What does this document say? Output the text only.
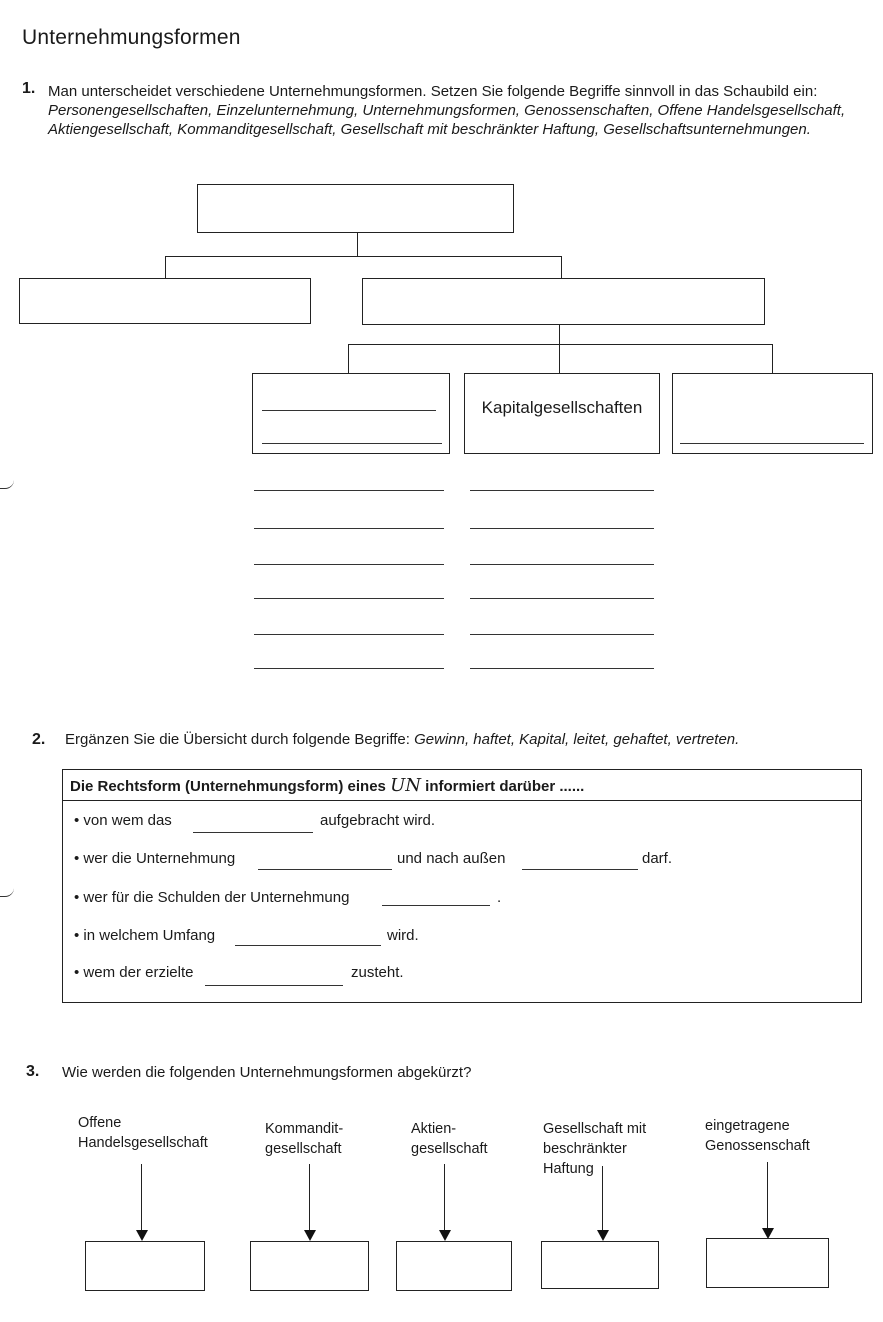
Unternehmungsformen
1. Man unterscheidet verschiedene Unternehmungsformen. Setzen Sie folgende Begriffe sinnvoll in das Schaubild ein: Personengesellschaften, Einzelunternehmung, Unternehmungsformen, Genossenschaften, Offene Handelsgesellschaft, Aktiengesellschaft, Kommanditgesellschaft, Gesellschaft mit beschränkter Haftung, Gesellschaftsunternehmungen.
Kapitalgesellschaften
2. Ergänzen Sie die Übersicht durch folgende Begriffe: Gewinn, haftet, Kapital, leitet, gehaftet, vertreten.
Die Rechtsform (Unternehmungsform) eines UN informiert darüber ......
• von wem das	aufgebracht wird.
• wer die Unternehmung	und nach außen	darf.
• wer für die Schulden der Unternehmung	.
• in welchem Umfang	wird.
• wem der erzielte	zusteht.
3. Wie werden die folgenden Unternehmungsformen abgekürzt?
Offene
Handelsgesellschaft
Kommandit-
gesellschaft
Aktien-
gesellschaft
Gesellschaft mit
beschränkter
Haftung
eingetragene
Genossenschaft
